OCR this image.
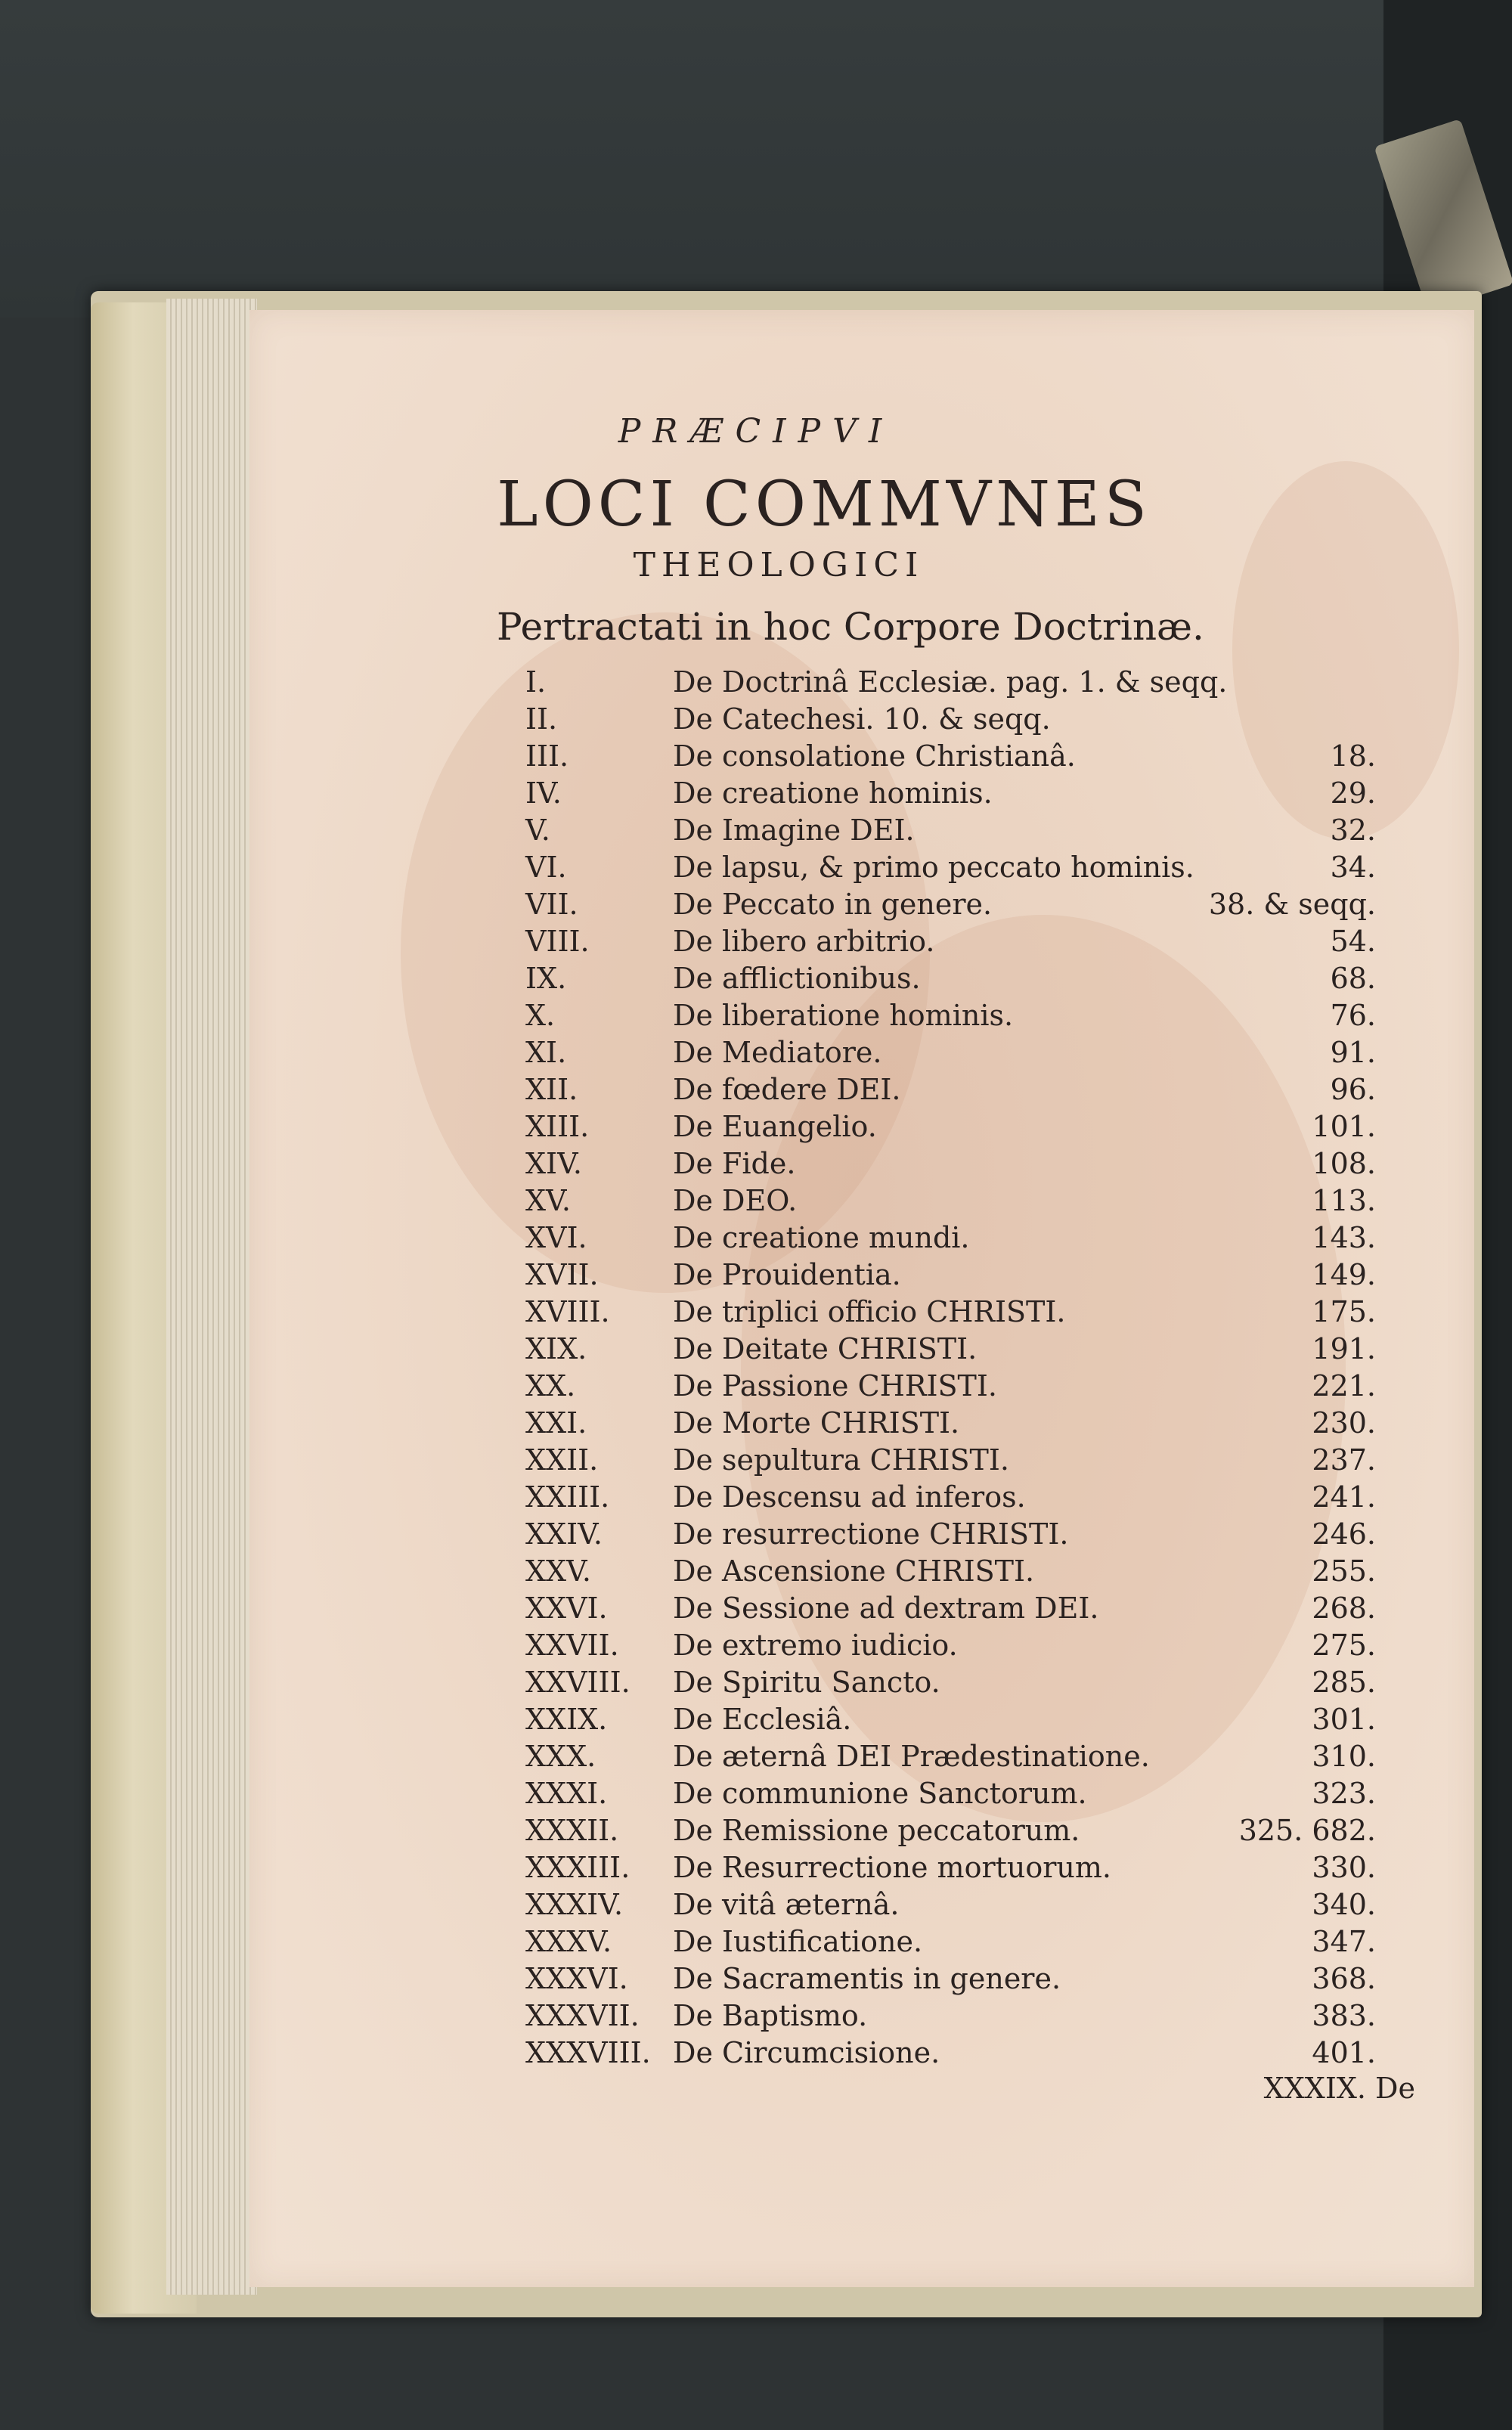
PRÆCIPVI
LOCI COMMVNES
THEOLOGICI
Pertractati in hoc Corpore Doctrinæ.
I.	De Doctrinâ Ecclesiæ. pag. 1. & seqq.
II.	De Catechesi. 10. & seqq.
III.	De consolatione Christianâ.	18.
IV.	De creatione hominis.	29.
V.	De Imagine DEI.	32.
VI.	De lapsu, & primo peccato hominis.	34.
VII.	De Peccato in genere.	38. & seqq.
VIII.	De libero arbitrio.	54.
IX.	De afflictionibus.	68.
X.	De liberatione hominis.	76.
XI.	De Mediatore.	91.
XII.	De fœdere DEI.	96.
XIII.	De Euangelio.	101.
XIV.	De Fide.	108.
XV.	De DEO.	113.
XVI.	De creatione mundi.	143.
XVII.	De Prouidentia.	149.
XVIII. De triplici officio CHRISTI.	175.
XIX.	De Deitate CHRISTI.	191.
XX.	De Passione CHRISTI.	221.
XXI.	De Morte CHRISTI.	230.
XXII.	De sepultura CHRISTI.	237.
XXIII. De Descensu ad inferos.	241.
XXIV. De resurrectione CHRISTI.	246.
XXV.	De Ascensione CHRISTI.	255.
XXVI. De Sessione ad dextram DEI.	268.
XXVII. De extremo iudicio.	275.
XXVIII. De Spiritu Sancto.	285.
XXIX. De Ecclesiâ.	301.
XXX.	De æternâ DEI Prædestinatione.	310.
XXXI. De communione Sanctorum.	323.
XXXII. De Remissione peccatorum.	325. 682.
XXXIII. De Resurrectione mortuorum.	330.
XXXIV. De vitâ æternâ.	340.
XXXV. De Iustificatione.	347.
XXXVI. De Sacramentis in genere.	368.
XXXVII. De Baptismo.	383.
XXXVIII. De Circumcisione.	401.
XXXIX. De
